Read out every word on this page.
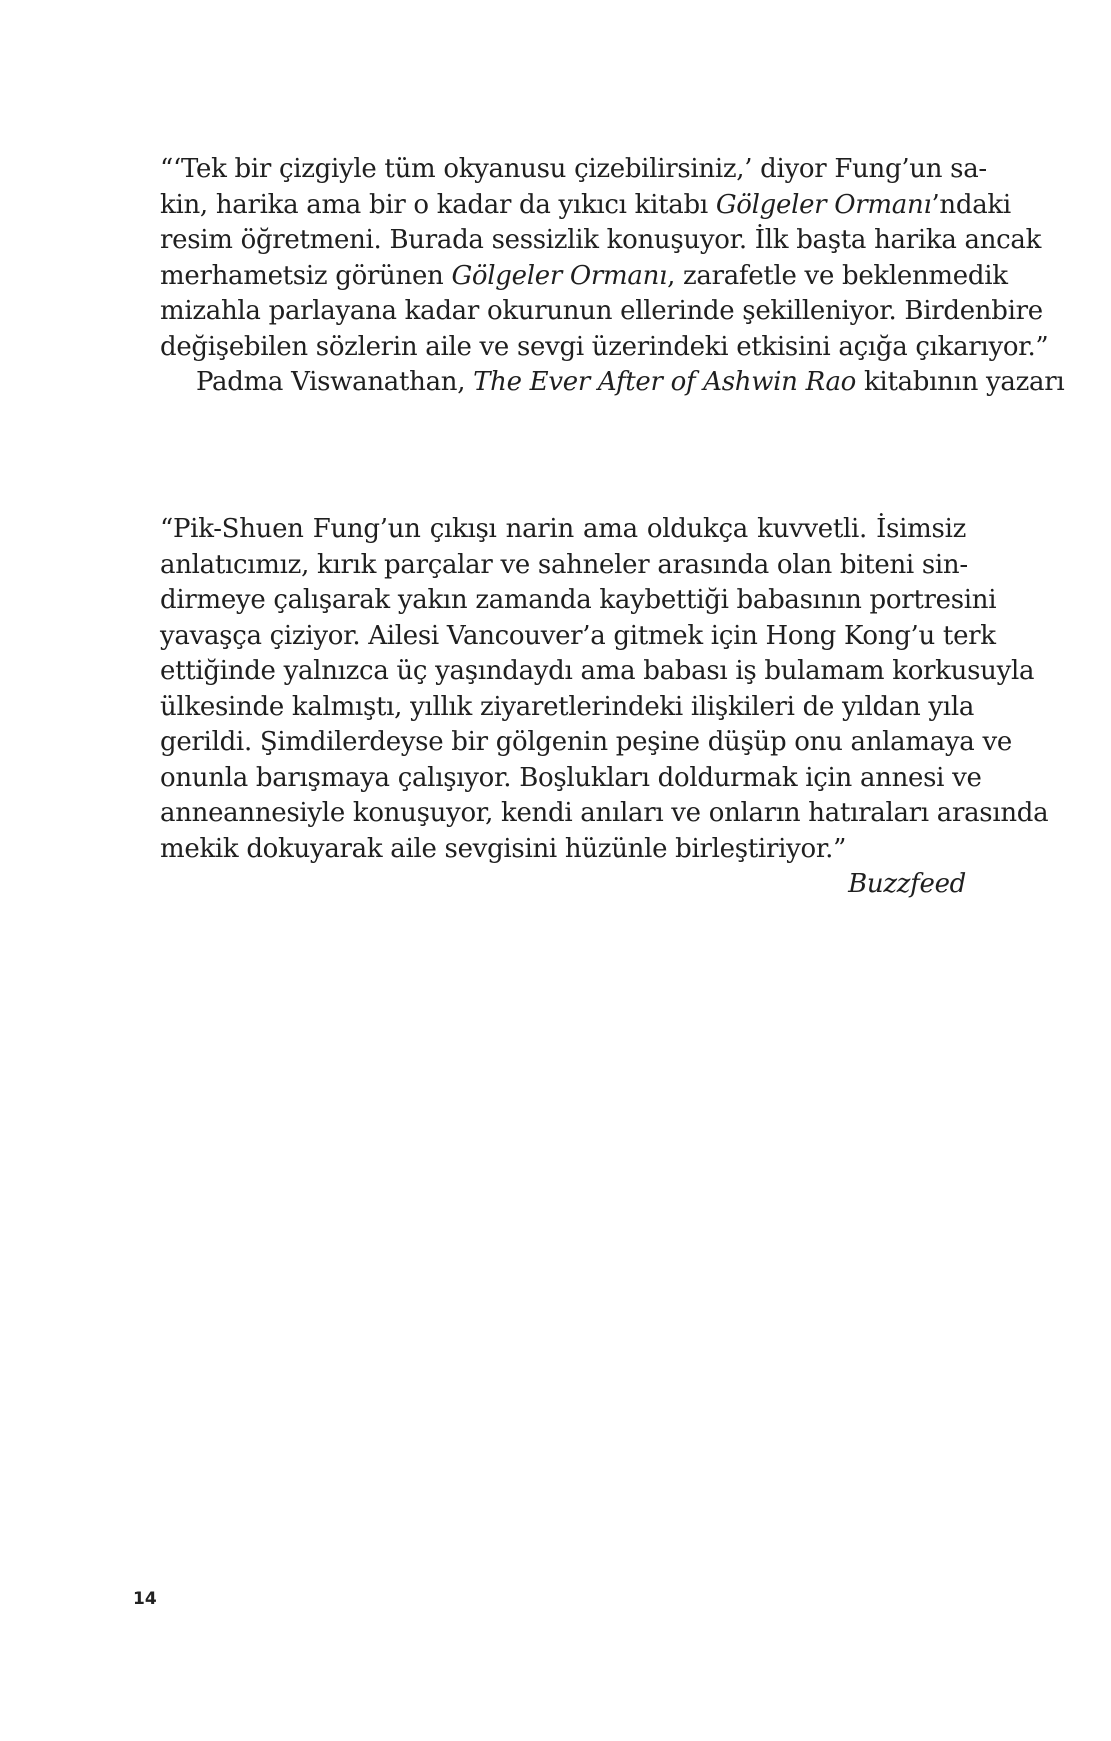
“‘Tek bir çizgiyle tüm okyanusu çizebilirsiniz,’ diyor Fung’un sa-
kin, harika ama bir o kadar da yıkıcı kitabı Gölgeler Ormanı’ndaki
resim öğretmeni. Burada sessizlik konuşuyor. İlk başta harika ancak
merhametsiz görünen Gölgeler Ormanı, zarafetle ve beklenmedik
mizahla parlayana kadar okurunun ellerinde şekilleniyor. Birdenbire
değişebilen sözlerin aile ve sevgi üzerindeki etkisini açığa çıkarıyor.”
Padma Viswanathan, The Ever After of Ashwin Rao kitabının yazarı
“Pik-Shuen Fung’un çıkışı narin ama oldukça kuvvetli. İsimsiz
anlatıcımız, kırık parçalar ve sahneler arasında olan biteni sin-
dirmeye çalışarak yakın zamanda kaybettiği babasının portresini
yavaşça çiziyor. Ailesi Vancouver’a gitmek için Hong Kong’u terk
ettiğinde yalnızca üç yaşındaydı ama babası iş bulamam korkusuyla
ülkesinde kalmıştı, yıllık ziyaretlerindeki ilişkileri de yıldan yıla
gerildi. Şimdilerdeyse bir gölgenin peşine düşüp onu anlamaya ve
onunla barışmaya çalışıyor. Boşlukları doldurmak için annesi ve
anneannesiyle konuşuyor, kendi anıları ve onların hatıraları arasında
mekik dokuyarak aile sevgisini hüzünle birleştiriyor.”
Buzzfeed
14
